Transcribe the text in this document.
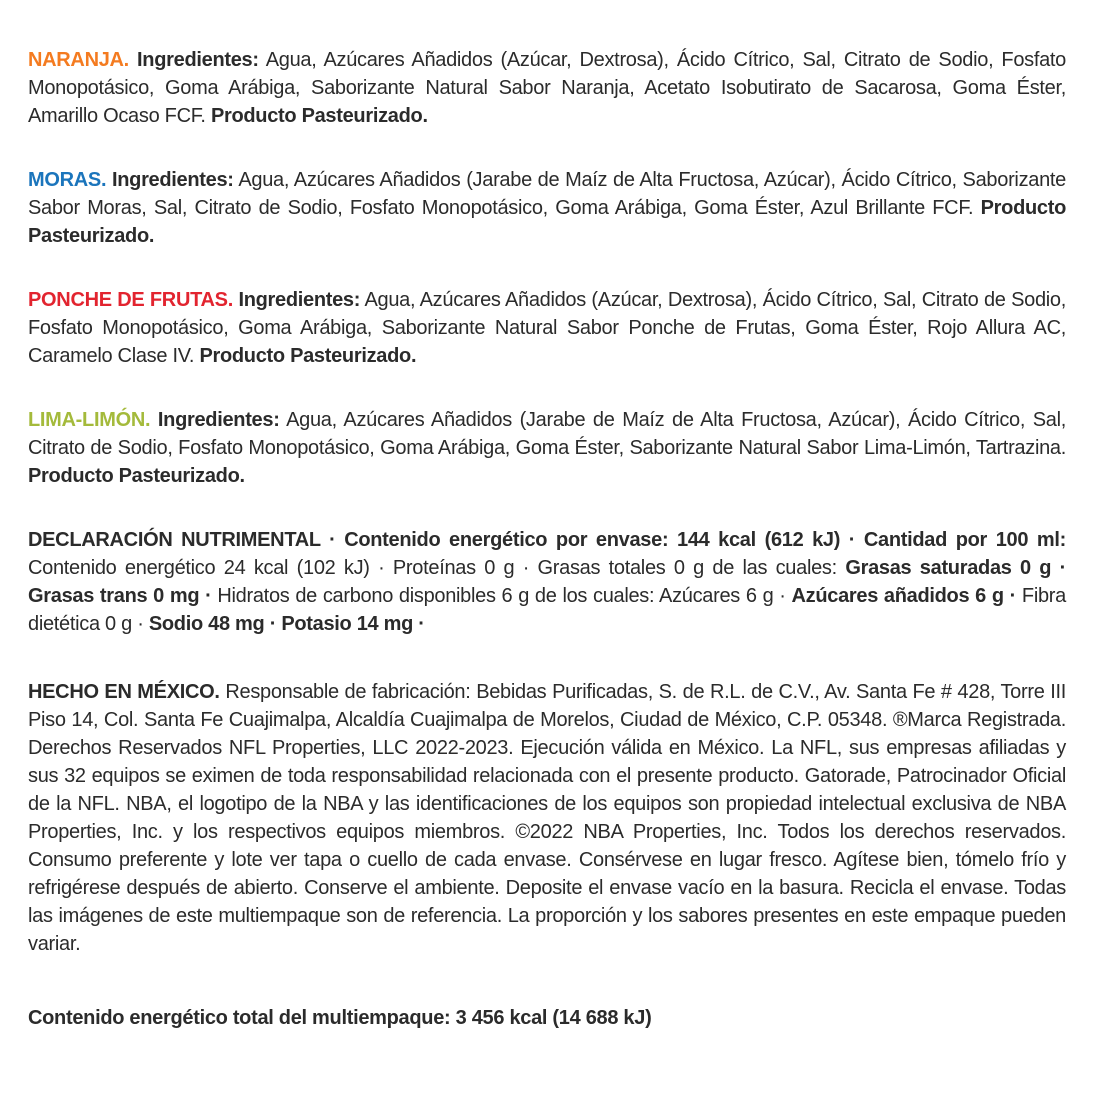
NARANJA. Ingredientes: Agua, Azúcares Añadidos (Azúcar, Dextrosa), Ácido Cítrico, Sal, Citrato de Sodio, Fosfato Monopotásico, Goma Arábiga, Saborizante Natural Sabor Naranja, Acetato Isobutirato de Sacarosa, Goma Éster, Amarillo Ocaso FCF. Producto Pasteurizado.

MORAS. Ingredientes: Agua, Azúcares Añadidos (Jarabe de Maíz de Alta Fructosa, Azúcar), Ácido Cítrico, Saborizante Sabor Moras, Sal, Citrato de Sodio, Fosfato Monopotásico, Goma Arábiga, Goma Éster, Azul Brillante FCF. Producto Pasteurizado.

PONCHE DE FRUTAS. Ingredientes: Agua, Azúcares Añadidos (Azúcar, Dextrosa), Ácido Cítrico, Sal, Citrato de Sodio, Fosfato Monopotásico, Goma Arábiga, Saborizante Natural Sabor Ponche de Frutas, Goma Éster, Rojo Allura AC, Caramelo Clase IV. Producto Pasteurizado.

LIMA-LIMÓN. Ingredientes: Agua, Azúcares Añadidos (Jarabe de Maíz de Alta Fructosa, Azúcar), Ácido Cítrico, Sal, Citrato de Sodio, Fosfato Monopotásico, Goma Arábiga, Goma Éster, Saborizante Natural Sabor Lima-Limón, Tartrazina. Producto Pasteurizado.

DECLARACIÓN NUTRIMENTAL · Contenido energético por envase: 144 kcal (612 kJ) · Cantidad por 100 ml: Contenido energético 24 kcal (102 kJ) · Proteínas 0 g · Grasas totales 0 g de las cuales: Grasas saturadas 0 g · Grasas trans 0 mg · Hidratos de carbono disponibles 6 g de los cuales: Azúcares 6 g · Azúcares añadidos 6 g · Fibra dietética 0 g · Sodio 48 mg · Potasio 14 mg ·

HECHO EN MÉXICO. Responsable de fabricación: Bebidas Purificadas, S. de R.L. de C.V., Av. Santa Fe # 428, Torre III Piso 14, Col. Santa Fe Cuajimalpa, Alcaldía Cuajimalpa de Morelos, Ciudad de México, C.P. 05348. ®Marca Registrada. Derechos Reservados NFL Properties, LLC 2022-2023. Ejecución válida en México. La NFL, sus empresas afiliadas y sus 32 equipos se eximen de toda responsabilidad relacionada con el presente producto. Gatorade, Patrocinador Oficial de la NFL. NBA, el logotipo de la NBA y las identificaciones de los equipos son propiedad intelectual exclusiva de NBA Properties, Inc. y los respectivos equipos miembros. ©2022 NBA Properties, Inc. Todos los derechos reservados. Consumo preferente y lote ver tapa o cuello de cada envase. Consérvese en lugar fresco. Agítese bien, tómelo frío y refrigérese después de abierto. Conserve el ambiente. Deposite el envase vacío en la basura. Recicla el envase. Todas las imágenes de este multiempaque son de referencia. La proporción y los sabores presentes en este empaque pueden variar.

Contenido energético total del multiempaque: 3 456 kcal (14 688 kJ)
